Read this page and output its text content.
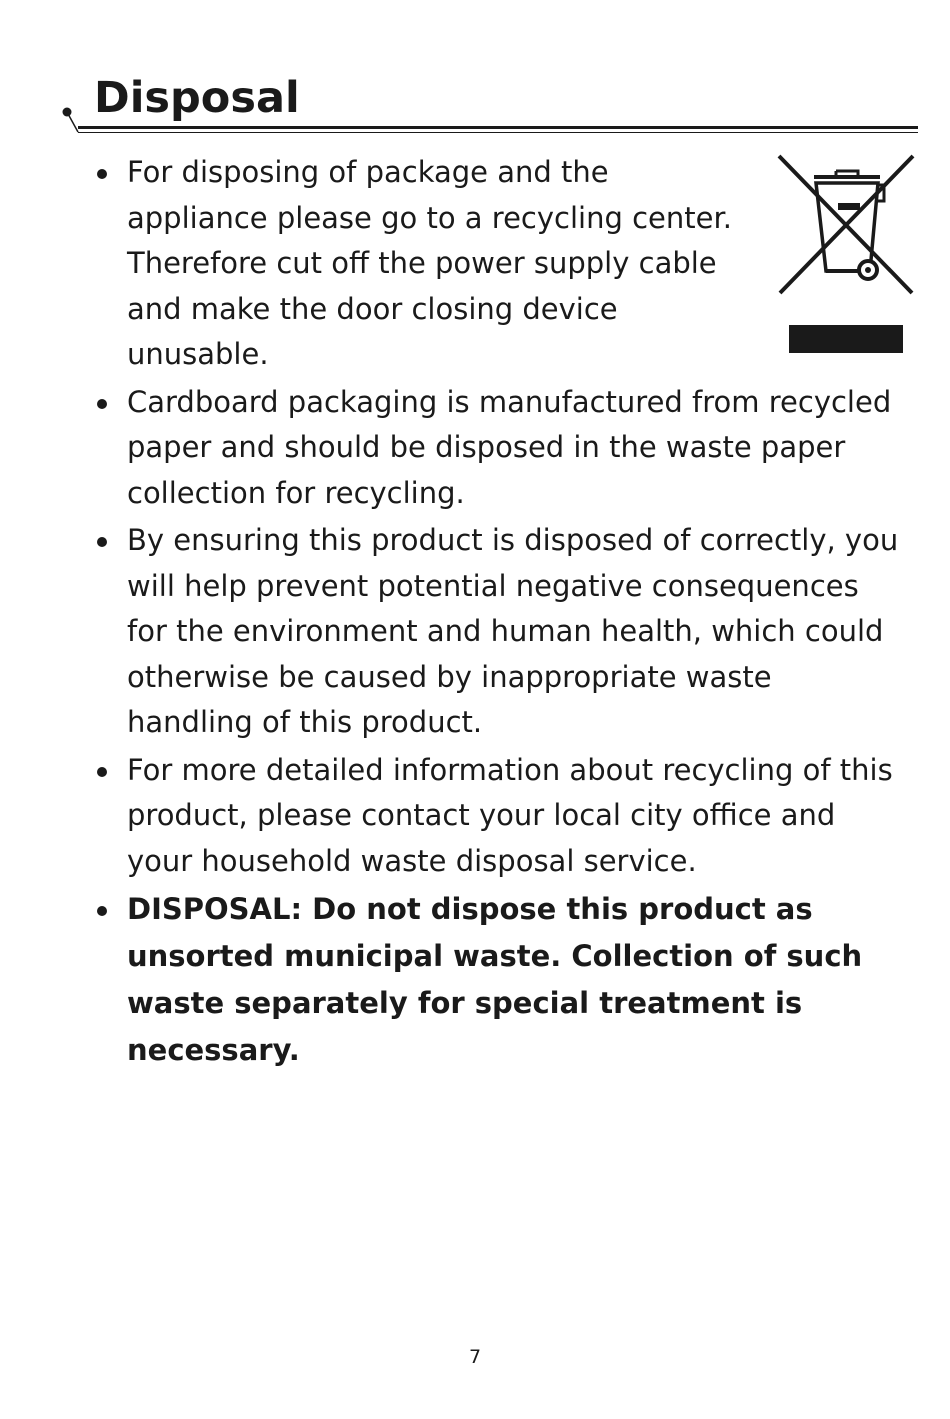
Disposal
For disposing of package and the
appliance please go to a recycling center.
Therefore cut off the power supply cable
and make the door closing device
unusable.
Cardboard packaging is manufactured from recycled
paper and should be disposed in the waste paper
collection for recycling.
By ensuring this product is disposed of correctly, you
will help prevent potential negative consequences
for the environment and human health, which could
otherwise be caused by inappropriate waste
handling of this product.
For more detailed information about recycling of this
product, please contact your local city office and
your household waste disposal service.
DISPOSAL: Do not dispose this product as
unsorted municipal waste. Collection of such
waste separately for special treatment is
necessary.
7
